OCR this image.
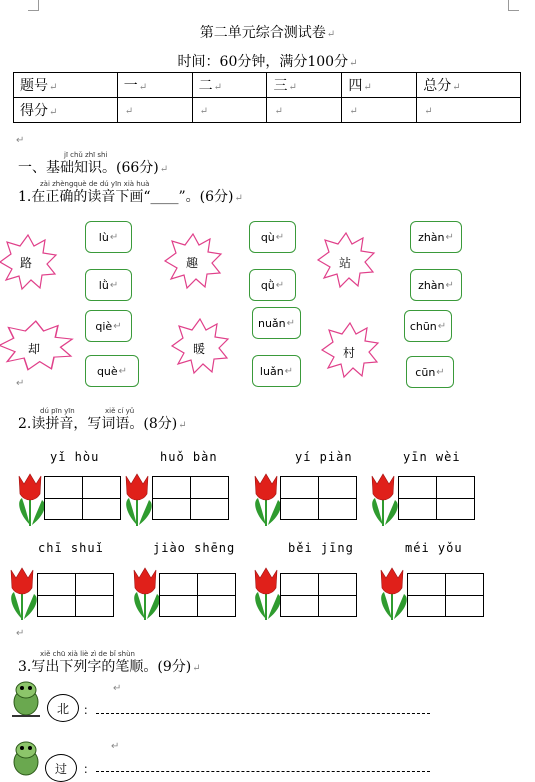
第二单元综合测试卷↵
时间：60分钟，满分100分↵
题号↵	一↵	二↵	三↵	四↵	总分↵
得分↵	↵	↵	↵	↵	↵
↵
jī chǔ zhī shi
一、基础知识。(66分)↵
zài zhèngquè de dú yīn xià huà
1.在正确的读音下画“____”。(6分)↵
路	趣	站
却	暖	村
lù ↵
lǜ ↵
qù ↵
qǜ ↵
zhàn ↵
zhàn ↵
qiè ↵
què ↵
nuǎn ↵
luǎn ↵
chūn ↵
cūn ↵
↵
dú pīn yīn	xiě cí yǔ
2.读拼音，写词语。(8分)↵
yǐ hòu	huǒ bàn	yí piàn	yīn wèi
chī shuǐ	jiào shēng	běi jīng	méi yǒu
↵
xiě chū xià liè zì de bǐ shùn
3.写出下列字的笔顺。(9分)↵
北	：
↵
过	：
↵
